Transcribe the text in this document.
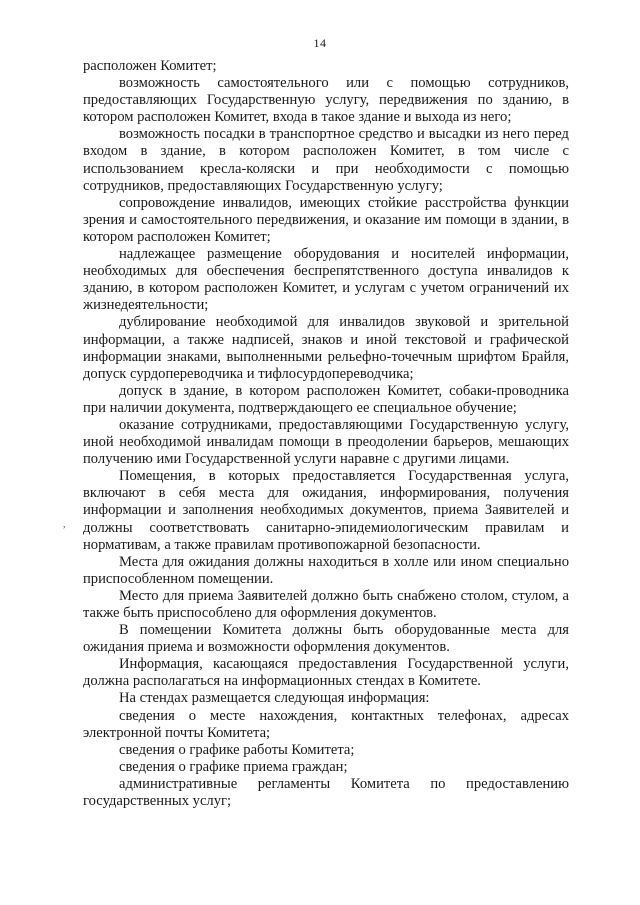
14
,

расположен Комитет;

возможность самостоятельного или с помощью сотрудников, предоставляющих Государственную услугу, передвижения по зданию, в котором расположен Комитет, входа в такое здание и выхода из него;

возможность посадки в транспортное средство и высадки из него перед входом в здание, в котором расположен Комитет, в том числе с использованием кресла-коляски и при необходимости с помощью сотрудников, предоставляющих Государственную услугу;

сопровождение инвалидов, имеющих стойкие расстройства функции зрения и самостоятельного передвижения, и оказание им помощи в здании, в котором расположен Комитет;

надлежащее размещение оборудования и носителей информации, необходимых для обеспечения беспрепятственного доступа инвалидов к зданию, в котором расположен Комитет, и услугам с учетом ограничений их жизнедеятельности;

дублирование необходимой для инвалидов звуковой и зрительной информации, а также надписей, знаков и иной текстовой и графической информации знаками, выполненными рельефно-точечным шрифтом Брайля, допуск сурдопереводчика и тифлосурдопереводчика;

допуск в здание, в котором расположен Комитет, собаки-проводника при наличии документа, подтверждающего ее специальное обучение;

оказание сотрудниками, предоставляющими Государственную услугу, иной необходимой инвалидам помощи в преодолении барьеров, мешающих получению ими Государственной услуги наравне с другими лицами.

Помещения, в которых предоставляется Государственная услуга, включают в себя места для ожидания, информирования, получения информации и заполнения необходимых документов, приема Заявителей и должны соответствовать санитарно-эпидемиологическим правилам и нормативам, а также правилам противопожарной безопасности.

Места для ожидания должны находиться в холле или ином специально приспособленном помещении.

Место для приема Заявителей должно быть снабжено столом, стулом, а также быть приспособлено для оформления документов.

В помещении Комитета должны быть оборудованные места для ожидания приема и возможности оформления документов.

Информация, касающаяся предоставления Государственной услуги, должна располагаться на информационных стендах в Комитете.

На стендах размещается следующая информация:

сведения о месте нахождения, контактных телефонах, адресах электронной почты Комитета;

сведения о графике работы Комитета;

сведения о графике приема граждан;

административные регламенты Комитета по предоставлению государственных услуг;
